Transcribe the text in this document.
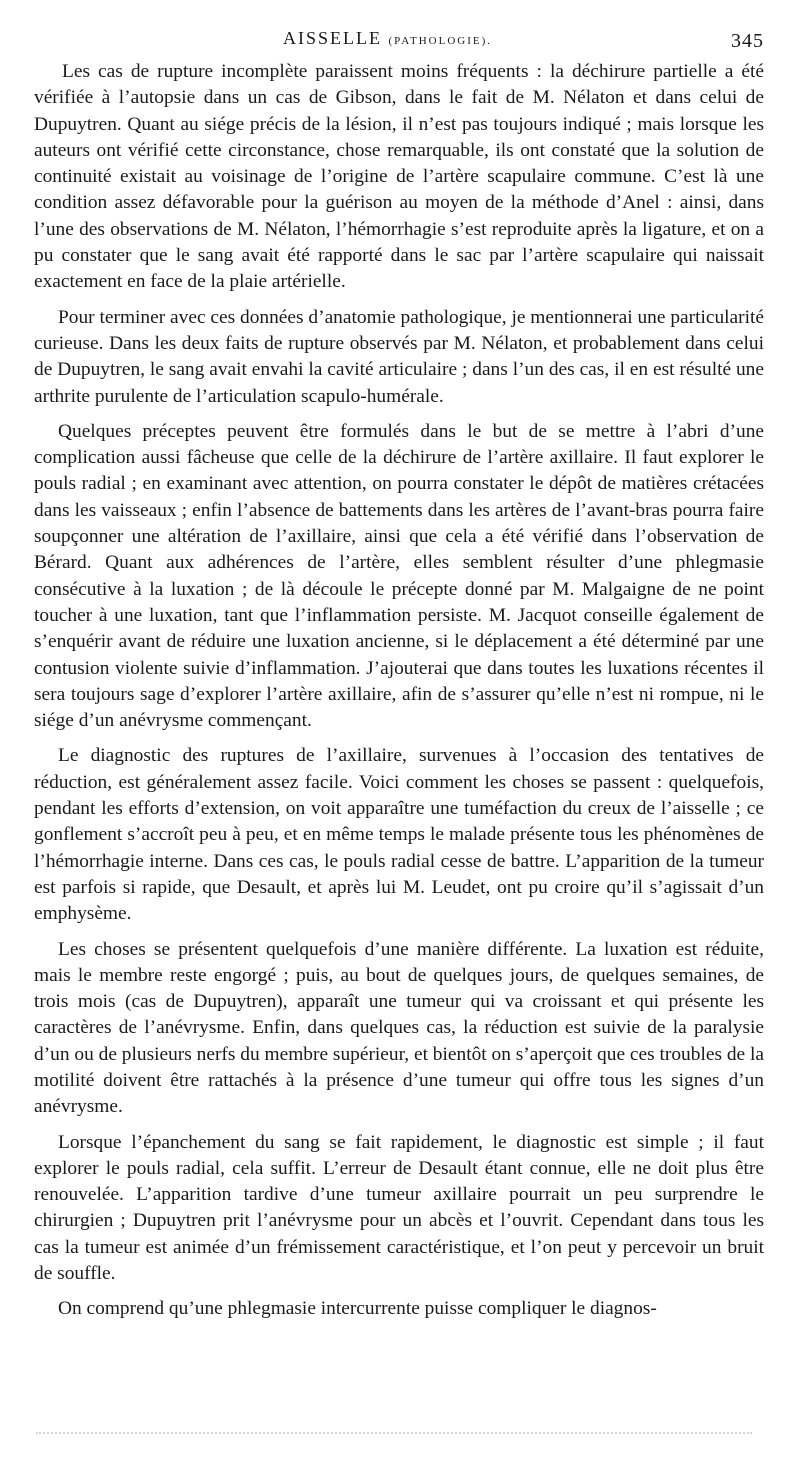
AISSELLE (PATHOLOGIE).	345

Les cas de rupture incomplète paraissent moins fréquents : la déchirure partielle a été vérifiée à l’autopsie dans un cas de Gibson, dans le fait de M. Nélaton et dans celui de Dupuytren. Quant au siége précis de la lésion, il n’est pas toujours indiqué ; mais lorsque les auteurs ont vérifié cette circonstance, chose remarquable, ils ont constaté que la solution de continuité existait au voisinage de l’origine de l’artère scapulaire commune. C’est là une condition assez défavorable pour la guérison au moyen de la méthode d’Anel : ainsi, dans l’une des observations de M. Nélaton, l’hémorrhagie s’est reproduite après la ligature, et on a pu constater que le sang avait été rapporté dans le sac par l’artère scapulaire qui naissait exactement en face de la plaie artérielle.

Pour terminer avec ces données d’anatomie pathologique, je mentionnerai une particularité curieuse. Dans les deux faits de rupture observés par M. Nélaton, et probablement dans celui de Dupuytren, le sang avait envahi la cavité articulaire ; dans l’un des cas, il en est résulté une arthrite purulente de l’articulation scapulo-humérale.

Quelques préceptes peuvent être formulés dans le but de se mettre à l’abri d’une complication aussi fâcheuse que celle de la déchirure de l’artère axillaire. Il faut explorer le pouls radial ; en examinant avec attention, on pourra constater le dépôt de matières crétacées dans les vaisseaux ; enfin l’absence de battements dans les artères de l’avant-bras pourra faire soupçonner une altération de l’axillaire, ainsi que cela a été vérifié dans l’observation de Bérard. Quant aux adhérences de l’artère, elles semblent résulter d’une phlegmasie consécutive à la luxation ; de là découle le précepte donné par M. Malgaigne de ne point toucher à une luxation, tant que l’inflammation persiste. M. Jacquot conseille également de s’enquérir avant de réduire une luxation ancienne, si le déplacement a été déterminé par une contusion violente suivie d’inflammation. J’ajouterai que dans toutes les luxations récentes il sera toujours sage d’explorer l’artère axillaire, afin de s’assurer qu’elle n’est ni rompue, ni le siége d’un anévrysme commençant.

Le diagnostic des ruptures de l’axillaire, survenues à l’occasion des tentatives de réduction, est généralement assez facile. Voici comment les choses se passent : quelquefois, pendant les efforts d’extension, on voit apparaître une tuméfaction du creux de l’aisselle ; ce gonflement s’accroît peu à peu, et en même temps le malade présente tous les phénomènes de l’hémorrhagie interne. Dans ces cas, le pouls radial cesse de battre. L’apparition de la tumeur est parfois si rapide, que Desault, et après lui M. Leudet, ont pu croire qu’il s’agissait d’un emphysème.

Les choses se présentent quelquefois d’une manière différente. La luxation est réduite, mais le membre reste engorgé ; puis, au bout de quelques jours, de quelques semaines, de trois mois (cas de Dupuytren), apparaît une tumeur qui va croissant et qui présente les caractères de l’anévrysme. Enfin, dans quelques cas, la réduction est suivie de la paralysie d’un ou de plusieurs nerfs du membre supérieur, et bientôt on s’aperçoit que ces troubles de la motilité doivent être rattachés à la présence d’une tumeur qui offre tous les signes d’un anévrysme.

Lorsque l’épanchement du sang se fait rapidement, le diagnostic est simple ; il faut explorer le pouls radial, cela suffit. L’erreur de Desault étant connue, elle ne doit plus être renouvelée. L’apparition tardive d’une tumeur axillaire pourrait un peu surprendre le chirurgien ; Dupuytren prit l’anévrysme pour un abcès et l’ouvrit. Cependant dans tous les cas la tumeur est animée d’un frémissement caractéristique, et l’on peut y percevoir un bruit de souffle.

On comprend qu’une phlegmasie intercurrente puisse compliquer le diagnos-
